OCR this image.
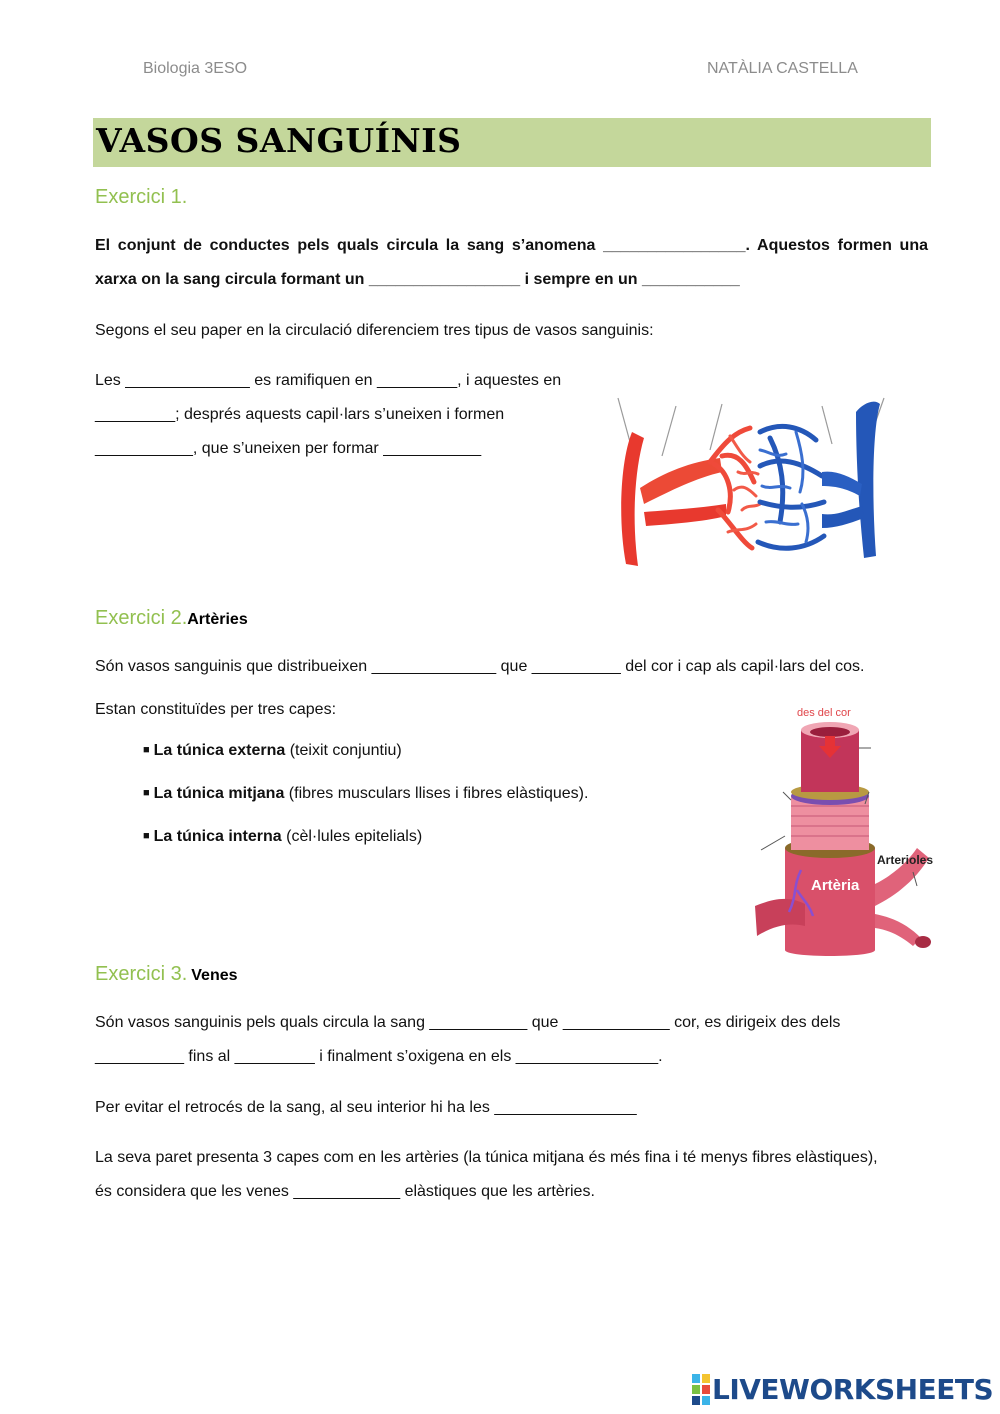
Biologia 3ESO	NATÀLIA CASTELLA
VASOS SANGUÍNIS
Exercici 1.
El conjunt de conductes pels quals circula la sang s’anomena ________________. Aquestos formen una
xarxa on la sang circula formant un _________________ i sempre en un ___________
Segons el seu paper en la circulació diferenciem tres tipus de vasos sanguinis:
Les ______________ es ramifiquen en _________, i aquestes en
_________; després aquests capil·lars s’uneixen i formen
___________, que s’uneixen per formar ___________
Exercici 2.Artèries
Són vasos sanguinis que distribueixen ______________ que __________ del cor i cap als capil·lars del cos.
Estan constituïdes per tres capes:
■ La túnica externa (teixit conjuntiu)
■ La túnica mitjana (fibres musculars llises i fibres elàstiques).
■ La túnica interna (cèl·lules epitelials)
des del cor
Artèria
Arterioles
Exercici 3. Venes
Són vasos sanguinis pels quals circula la sang ___________ que ____________ cor, es dirigeix des dels
__________ fins al _________ i finalment s’oxigena en els ________________.
Per evitar el retrocés de la sang, al seu interior hi ha les ________________
La seva paret presenta 3 capes com en les artèries (la túnica mitjana és més fina i té menys fibres elàstiques),
és considera que les venes ____________ elàstiques que les artèries.
LIVEWORKSHEETS
